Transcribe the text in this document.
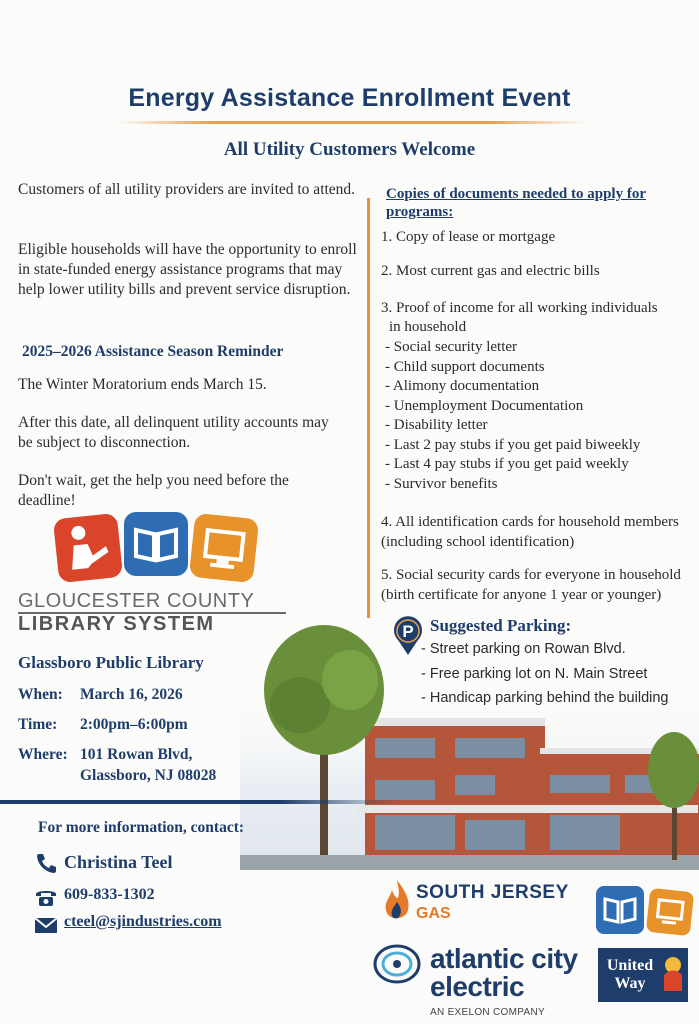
Energy Assistance Enrollment Event
All Utility Customers Welcome
Customers of all utility providers are invited to attend.
Eligible households will have the opportunity to enroll in state-funded energy assistance programs that may help lower utility bills and prevent service disruption.
2025–2026 Assistance Season Reminder
The Winter Moratorium ends March 15.
After this date, all delinquent utility accounts may be subject to disconnection.
Don't wait, get the help you need before the deadline!
Copies of documents needed to apply for programs:
1. Copy of lease or mortgage
2. Most current gas and electric bills
3. Proof of income for all working individuals
in household
- Social security letter
- Child support documents
- Alimony documentation
- Unemployment Documentation
- Disability letter
- Last 2 pay stubs if you get paid biweekly
- Last 4 pay stubs if you get paid weekly
- Survivor benefits
4. All identification cards for household members (including school identification)
5. Social security cards for everyone in household (birth certificate for anyone 1 year or younger)
GLOUCESTER COUNTY
LIBRARY SYSTEM
Glassboro Public Library
When: March 16, 2026
Time: 2:00pm–6:00pm
Where: 101 Rowan Blvd,
Glassboro, NJ 08028
P Suggested Parking:
- Street parking on Rowan Blvd.
- Free parking lot on N. Main Street
- Handicap parking behind the building
For more information, contact:
Christina Teel
609-833-1302
cteel@sjindustries.com
SOUTH JERSEY
GAS
atlantic city
electric
AN EXELON COMPANY
United
Way
